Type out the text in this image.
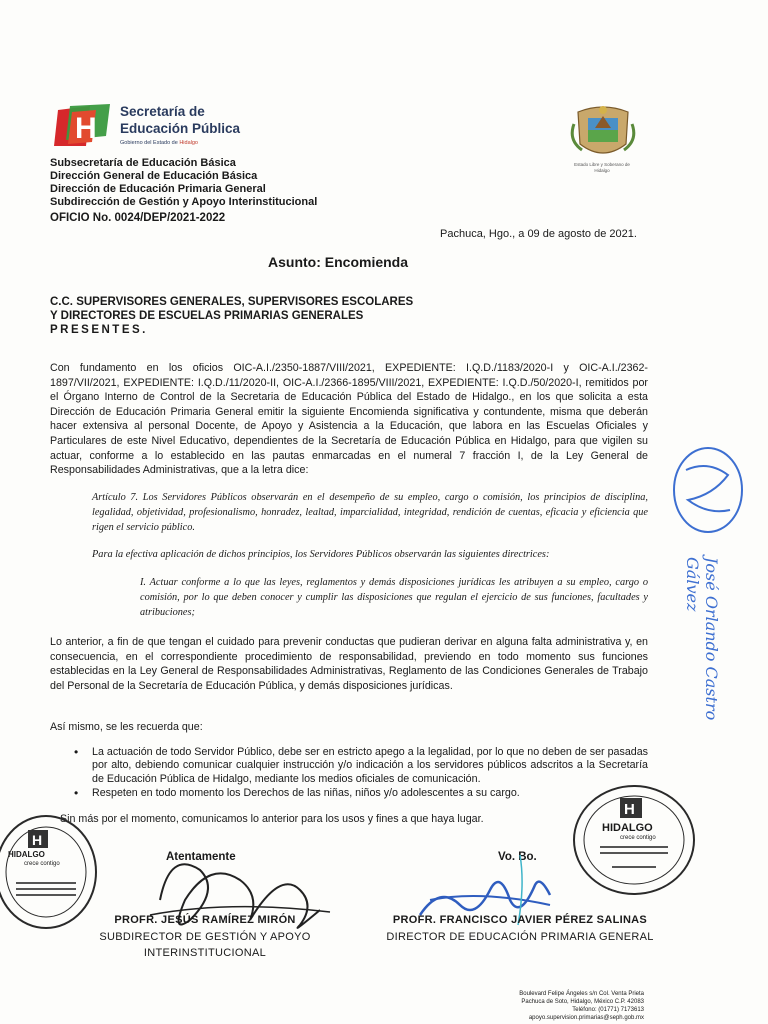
H
Secretaría de
Educación Pública
Gobierno del Estado de Hidalgo
Estado Libre y Soberano de Hidalgo
Subsecretaría de Educación Básica
Dirección General de Educación Básica
Dirección de Educación Primaria General
Subdirección de Gestión y Apoyo Interinstitucional
OFICIO No. 0024/DEP/2021-2022
Pachuca, Hgo., a 09 de agosto de 2021.
Asunto: Encomienda
C.C. SUPERVISORES GENERALES, SUPERVISORES ESCOLARES
Y DIRECTORES DE ESCUELAS PRIMARIAS GENERALES
PRESENTES.
Con fundamento en los oficios OIC-A.I./2350-1887/VIII/2021, EXPEDIENTE: I.Q.D./1183/2020-I y OIC-A.I./2362-1897/VII/2021, EXPEDIENTE: I.Q.D./11/2020-II, OIC-A.I./2366-1895/VIII/2021, EXPEDIENTE: I.Q.D./50/2020-I, remitidos por el Órgano Interno de Control de la Secretaria de Educación Pública del Estado de Hidalgo., en los que solicita a esta Dirección de Educación Primaria General emitir la siguiente Encomienda significativa y contundente, misma que deberán hacer extensiva al personal Docente, de Apoyo y Asistencia a la Educación, que labora en las Escuelas Oficiales y Particulares de este Nivel Educativo, dependientes de la Secretaría de Educación Pública en Hidalgo, para que vigilen su actuar, conforme a lo establecido en las pautas enmarcadas en el numeral 7 fracción I, de la Ley General de Responsabilidades Administrativas, que a la letra dice:
Artículo 7. Los Servidores Públicos observarán en el desempeño de su empleo, cargo o comisión, los principios de disciplina, legalidad, objetividad, profesionalismo, honradez, lealtad, imparcialidad, integridad, rendición de cuentas, eficacia y eficiencia que rigen el servicio público.
Para la efectiva aplicación de dichos principios, los Servidores Públicos observarán las siguientes directrices:
I. Actuar conforme a lo que las leyes, reglamentos y demás disposiciones jurídicas les atribuyen a su empleo, cargo o comisión, por lo que deben conocer y cumplir las disposiciones que regulan el ejercicio de sus funciones, facultades y atribuciones;
Lo anterior, a fin de que tengan el cuidado para prevenir conductas que pudieran derivar en alguna falta administrativa y, en consecuencia, en el correspondiente procedimiento de responsabilidad, previendo en todo momento sus funciones establecidas en la Ley General de Responsabilidades Administrativas, Reglamento de las Condiciones Generales de Trabajo del Personal de la Secretaría de Educación Pública, y demás disposiciones jurídicas.
Así mismo, se les recuerda que:
• La actuación de todo Servidor Público, debe ser en estricto apego a la legalidad, por lo que no deben de ser pasadas por alto, debiendo comunicar cualquier instrucción y/o indicación a los servidores públicos adscritos a la Secretaría de Educación Pública de Hidalgo, mediante los medios oficiales de comunicación.
• Respeten en todo momento los Derechos de las niñas, niños y/o adolescentes a su cargo.
Sin más por el momento, comunicamos lo anterior para los usos y fines a que haya lugar.
Atentamente	Vo. Bo.
PROFR. JESÚS RAMÍREZ MIRÓN
SUBDIRECTOR DE GESTIÓN Y APOYO
INTERINSTITUCIONAL
PROFR. FRANCISCO JAVIER PÉREZ SALINAS
DIRECTOR DE EDUCACIÓN PRIMARIA GENERAL
H
HIDALGO
crece contigo
H
HIDALGO
crece contigo
José Orlando Castro Gálvez
Boulevard Felipe Ángeles s/n Col. Venta Prieta
Pachuca de Soto, Hidalgo, México C.P. 42083
Teléfono: (01771) 7173613
apoyo.supervision.primarias@seph.gob.mx
